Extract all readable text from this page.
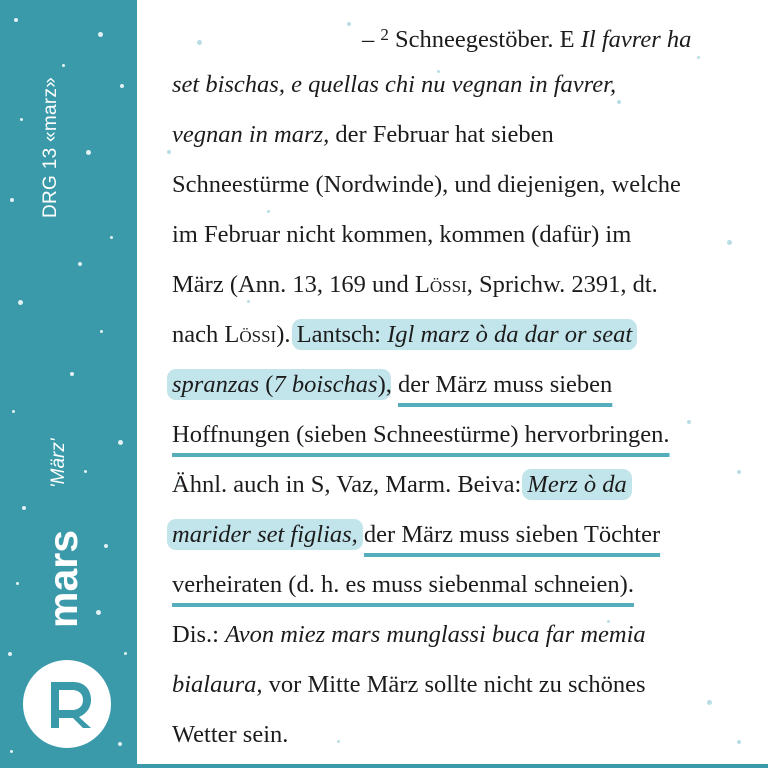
DRG 13 «marz»
'März'
mars
– $^2$ Schneegestöber. E Il favrer ha
set bischas, e quellas chi nu vegnan in favrer,
vegnan in marz, der Februar hat sieben
Schneestürme (Nordwinde), und diejenigen, welche
im Februar nicht kommen, kommen (dafür) im
März (Ann. 13, 169 und Lössi, Sprichw. 2391, dt.
nach Lössi). Lantsch: Igl marz ò da dar or seat
spranzas (7 boischas), der März muss sieben
Hoffnungen (sieben Schneestürme) hervorbringen.
Ähnl. auch in S, Vaz, Marm. Beiva: Merz ò da
marider set figlias, der März muss sieben Töchter
verheiraten (d. h. es muss siebenmal schneien).
Dis.: Avon miez mars munglassi buca far memia
bialaura, vor Mitte März sollte nicht zu schönes
Wetter sein.
